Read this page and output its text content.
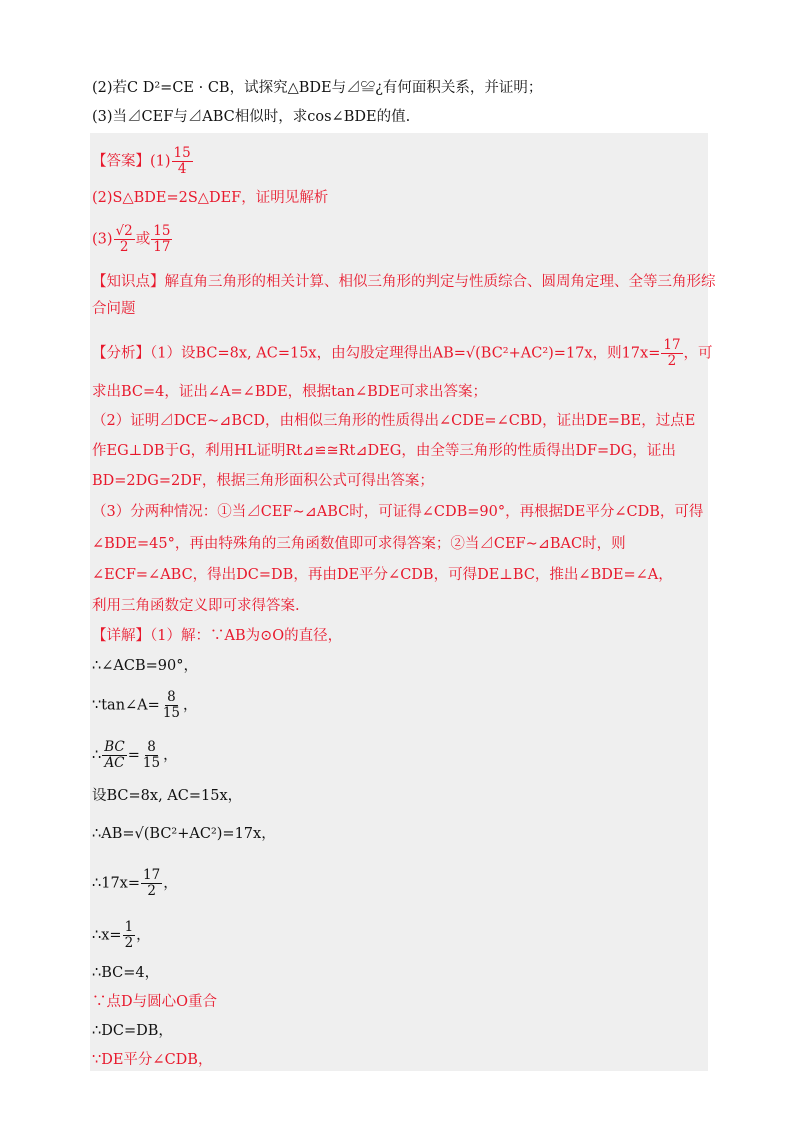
(2)若C D²=CE · CB，试探究△BDE与⊿≌¿有何面积关系，并证明；
(3)当⊿CEF与⊿ABC相似时，求cos∠BDE的值.
【答案】$(1) \frac{15}{4}$
(2)S△BDE=2S△DEF，证明见解析
$(3) \frac{√2}{2}$ 或 $\frac{15}{17}$
【知识点】解直角三角形的相关计算、相似三角形的判定与性质综合、圆周角定理、全等三角形综
合问题
【分析】（1）设BC=8x, AC=15x，由勾股定理得出AB=√(BC²+AC²)=17x，则$17x= \frac{17}{2}$ ，可
求出BC=4，证出∠A=∠BDE，根据tan∠BDE可求出答案；
（2）证明⊿DCE∼⊿BCD，由相似三角形的性质得出∠CDE=∠CBD，证出DE=BE，过点E
作EG⊥DB于G，利用HL证明Rt⊿≌≅Rt⊿DEG，由全等三角形的性质得出DF=DG，证出
BD=2DG=2DF，根据三角形面积公式可得出答案；
（3）分两种情况：①当⊿CEF∼⊿ABC时，可证得∠CDB=90°，再根据DE平分∠CDB，可得
∠BDE=45°，再由特殊角的三角函数值即可求得答案；②当⊿CEF∼⊿BAC时，则
∠ECF=∠ABC，得出DC=DB，再由DE平分∠CDB，可得DE⊥BC，推出∠BDE=∠A，
利用三角函数定义即可求得答案.
【详解】（1）解：∵AB为⊙O的直径，
∴∠ACB=90°，
∵tan∠A= $\frac{8}{15}$ ，
∴ $\frac{BC}{AC} = \frac{8}{15}$ ，
设BC=8x, AC=15x，
∴AB=√(BC²+AC²)=17x，
∴17x= $\frac{17}{2}$ ，
∴x= $\frac{1}{2}$ ，
∴BC=4，
∵点D与圆心O重合
∴DC=DB，
∵DE平分∠CDB，
